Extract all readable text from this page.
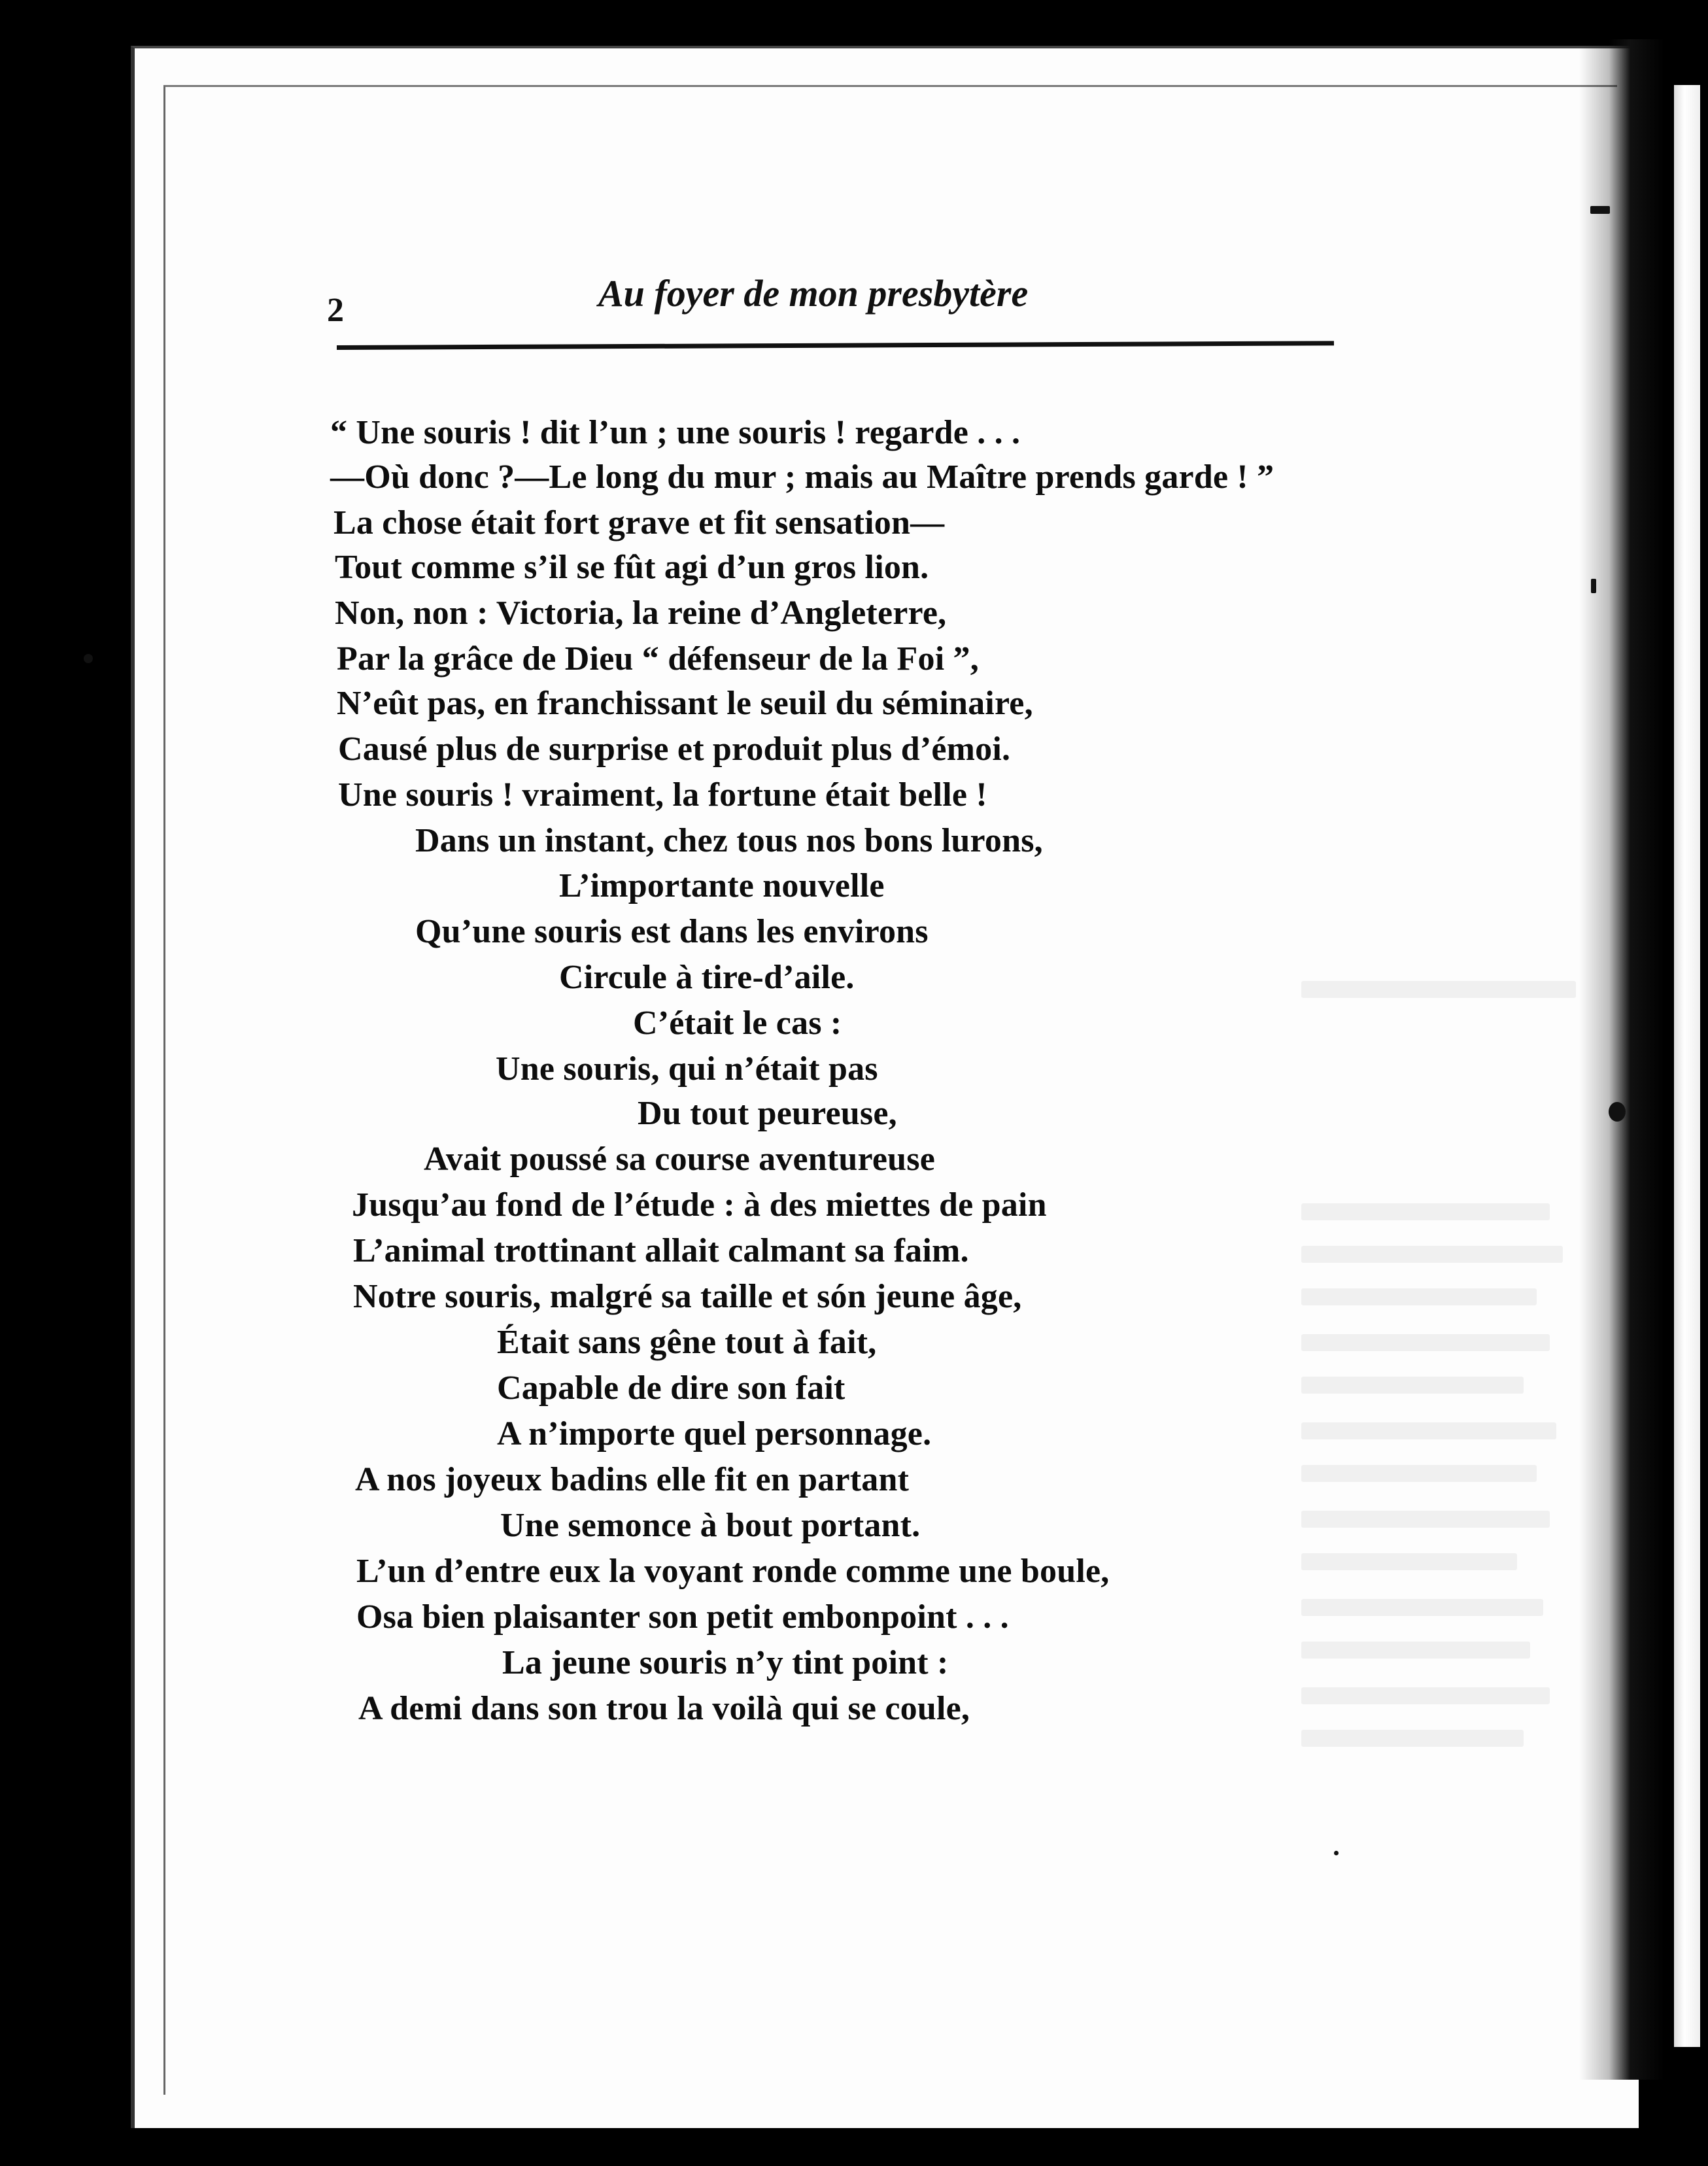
2	Au foyer de mon presbytère
“ Une souris ! dit l’un ; une souris ! regarde . . .
—Où donc ?—Le long du mur ; mais au Maître prends garde ! ”
La chose était fort grave et fit sensation—
Tout comme s’il se fût agi d’un gros lion.
Non, non : Victoria, la reine d’Angleterre,
Par la grâce de Dieu “ défenseur de la Foi ”,
N’eût pas, en franchissant le seuil du séminaire,
Causé plus de surprise et produit plus d’émoi.
Une souris ! vraiment, la fortune était belle !
Dans un instant, chez tous nos bons lurons,
L’importante nouvelle
Qu’une souris est dans les environs
Circule à tire-d’aile.
C’était le cas :
Une souris, qui n’était pas
Du tout peureuse,
Avait poussé sa course aventureuse
Jusqu’au fond de l’étude : à des miettes de pain
L’animal trottinant allait calmant sa faim.
Notre souris, malgré sa taille et són jeune âge,
Était sans gêne tout à fait,
Capable de dire son fait
A n’importe quel personnage.
A nos joyeux badins elle fit en partant
Une semonce à bout portant.
L’un d’entre eux la voyant ronde comme une boule,
Osa bien plaisanter son petit embonpoint . . .
La jeune souris n’y tint point :
A demi dans son trou la voilà qui se coule,
